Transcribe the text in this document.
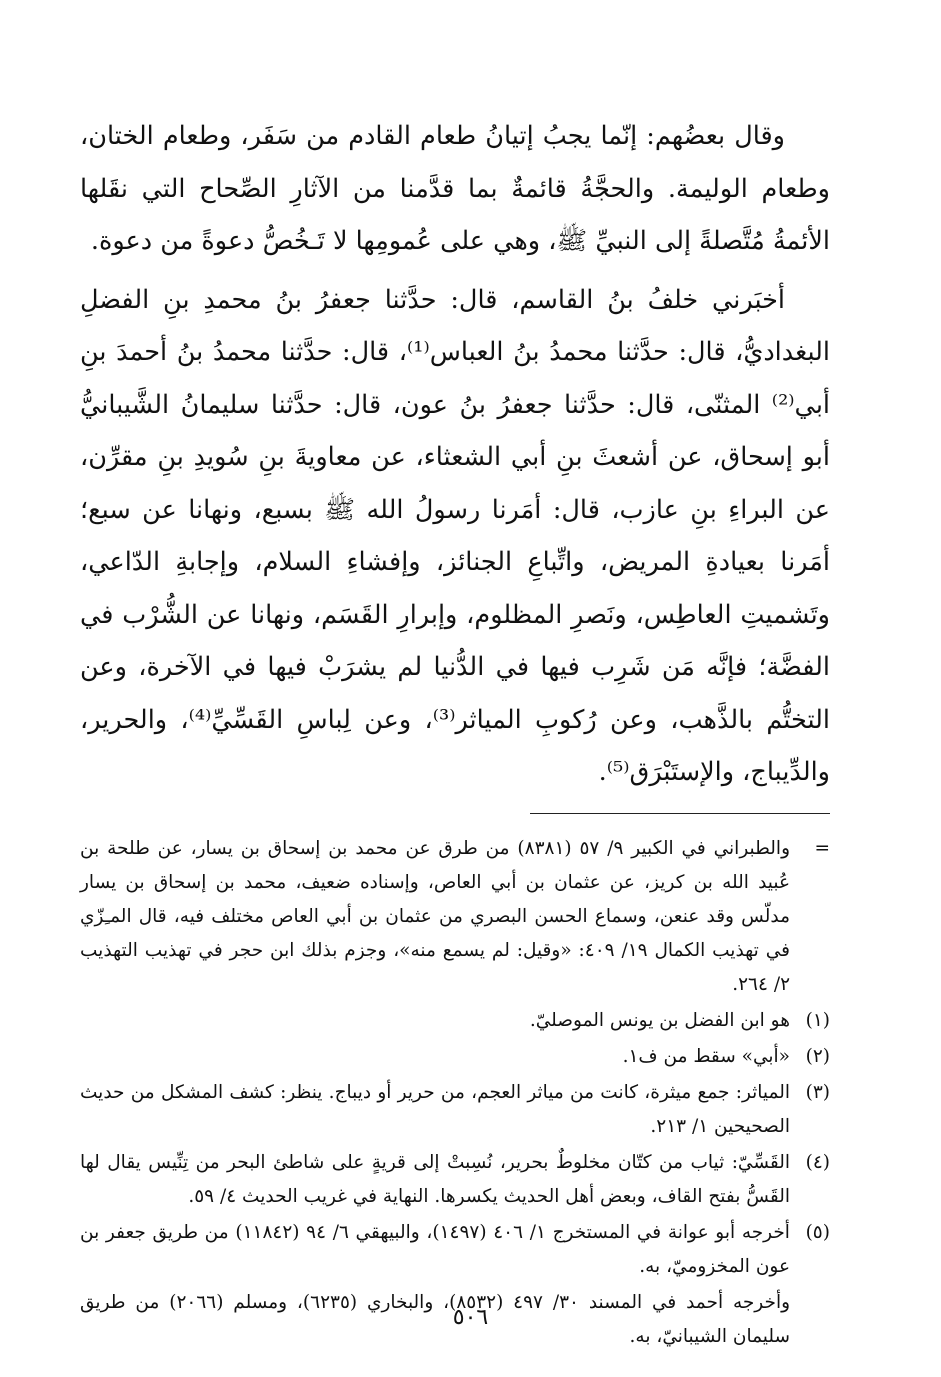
وقال بعضُهم: إنّما يجبُ إتيانُ طعام القادم من سَفَر، وطعام الختان، وطعام الوليمة. والحجَّةُ قائمةٌ بما قدَّمنا من الآثارِ الصِّحاح التي نقَلها الأئمةُ مُتَّصلةً إلى النبيِّ ﷺ، وهي على عُمومِها لا تَـخُصُّ دعوةً من دعوة.

أخبَرني خلفُ بنُ القاسم، قال: حدَّثنا جعفرُ بنُ محمدِ بنِ الفضلِ البغداديُّ، قال: حدَّثنا محمدُ بنُ العباس⁽¹⁾، قال: حدَّثنا محمدُ بنُ أحمدَ بنِ أبي⁽²⁾ المثنّى، قال: حدَّثنا جعفرُ بنُ عون، قال: حدَّثنا سليمانُ الشَّيبانيُّ أبو إسحاق، عن أشعثَ بنِ أبي الشعثاء، عن معاويةَ بنِ سُويدِ بنِ مقرِّن، عن البراءِ بنِ عازب، قال: أمَرنا رسولُ الله ﷺ بسبع، ونهانا عن سبع؛ أمَرنا بعيادةِ المريض، واتِّباعِ الجنائز، وإفشاءِ السلام، وإجابةِ الدّاعي، وتَشميتِ العاطِس، ونَصرِ المظلوم، وإبرارِ القَسَم، ونهانا عن الشُّرْب في الفضَّة؛ فإنَّه مَن شَرِب فيها في الدُّنيا لم يشرَبْ فيها في الآخرة، وعن التختُّم بالذَّهب، وعن رُكوبِ المياثر⁽³⁾، وعن لِباسِ القَسِّيِّ⁽⁴⁾، والحرير، والدِّيباج، والإستَبْرَق⁽⁵⁾.

=والطبراني في الكبير ٩/ ٥٧ (٨٣٨١) من طرق عن محمد بن إسحاق بن يسار، عن طلحة بن عُبيد الله بن كريز، عن عثمان بن أبي العاص، وإسناده ضعيف، محمد بن إسحاق بن يسار مدلّس وقد عنعن، وسماع الحسن البصري من عثمان بن أبي العاص مختلف فيه، قال المـِزّي في تهذيب الكمال ١٩/ ٤٠٩: «وقيل: لم يسمع منه»، وجزم بذلك ابن حجر في تهذيب التهذيب ٢/ ٢٦٤.

(١)هو ابن الفضل بن يونس الموصليّ.

(٢)«أبي» سقط من ف١.

(٣)المياثر: جمع ميثرة، كانت من مياثر العجم، من حرير أو ديباج. ينظر: كشف المشكل من حديث الصحيحين ١/ ٢١٣.

(٤)القَسِّيّ: ثياب من كتّان مخلوطٌ بحرير، نُسِبتْ إلى قريةٍ على شاطئ البحر من تِنِّيس يقال لها القَسُّ بفتح القاف، وبعض أهل الحديث يكسرها. النهاية في غريب الحديث ٤/ ٥٩.

(٥)أخرجه أبو عوانة في المستخرج ١/ ٤٠٦ (١٤٩٧)، والبيهقي ٦/ ٩٤ (١١٨٤٢) من طريق جعفر بن عون المخزوميّ، به.

وأخرجه أحمد في المسند ٣٠/ ٤٩٧ (٨٥٣٢)، والبخاري (٦٢٣٥)، ومسلم (٢٠٦٦) من طريق سليمان الشيبانيّ، به.

٥٠٦
